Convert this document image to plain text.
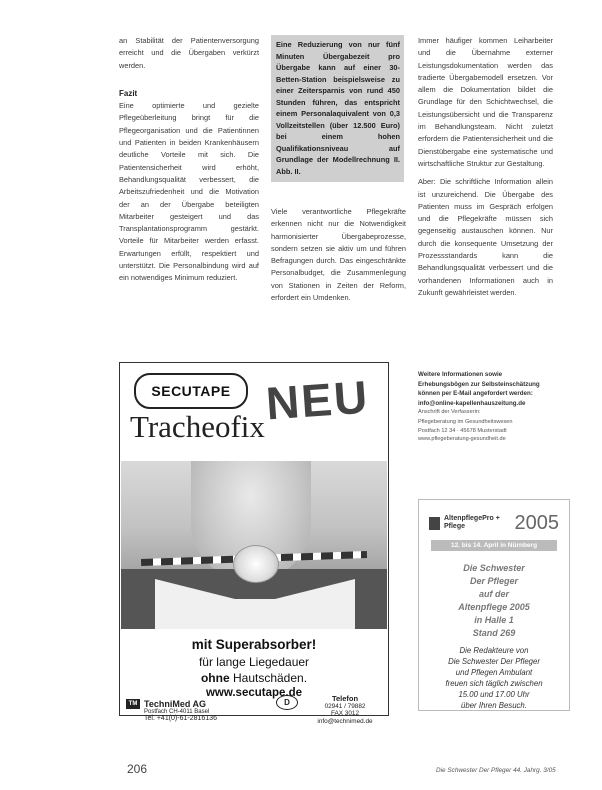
an Stabilität der Patientenversorgung erreicht und die Übergaben verkürzt werden.

Fazit

Eine optimierte und gezielte Pflegeüberleitung bringt für die Pflegeorganisation und die Patientinnen und Patienten in beiden Krankenhäusern deutliche Vorteile mit sich. Die Patientensicherheit wird erhöht, Behandlungsqualität verbessert, die Arbeitszufriedenheit und die Motivation der an der Übergabe beteiligten Mitarbeiter gesteigert und das Transplantationsprogramm gestärkt. Vorteile für Mitarbeiter werden erfasst. Erwartungen erfüllt, respektiert und unterstützt. Die Personalbindung wird auf ein notwendiges Minimum reduziert.

Eine Reduzierung von nur fünf Minuten Übergabezeit pro Übergabe kann auf einer 30-Betten-Station beispielsweise zu einer Zeitersparnis von rund 450 Stunden führen, das entspricht einem Personalaquivalent von 0,3 Vollzeitstellen (über 12.500 Euro) bei einem hohen Qualifikationsniveau auf Grundlage der Modellrechnung II. Abb. II.

Viele verantwortliche Pflegekräfte erkennen nicht nur die Notwendigkeit harmonisierter Übergabeprozesse, sondern setzen sie aktiv um und führen Befragungen durch. Das eingeschränkte Personalbudget, die Zusammenlegung von Stationen in Zeiten der Reform, erfordert ein Umdenken.

Immer häufiger kommen Leiharbeiter und die Übernahme externer Leistungsdokumentation werden das tradierte Übergabemodell ersetzen. Vor allem die Dokumentation bildet die Grundlage für den Schichtwechsel, die Leistungsübersicht und die Transparenz im Behandlungsteam. Nicht zuletzt erfordern die Patientensicherheit und die Dienstübergabe eine systematische und wirtschaftliche Struktur zur Gestaltung.

Aber: Die schriftliche Information allein ist unzureichend. Die Übergabe des Patienten muss im Gespräch erfolgen und die Pflegekräfte müssen sich gegenseitig austauschen können. Nur durch die konsequente Umsetzung der Prozessstandards kann die Behandlungsqualität verbessert und die vorhandenen Informationen auch in Zukunft gewährleistet werden.

Weitere Informationen sowie Erhebungsbögen zur Selbsteinschätzung können per E-Mail angefordert werden: info@online-kapellenhauszeitung.de

Anschrift der Verfasserin:

Pflegeberatung im Gesundheitswesen

Postfach 12 34 · 45678 Musterstadt

www.pflegeberatung-gesundheit.de

SECUTAPE
Tracheofix NEU
mit Superabsorber!
für lange Liegedauer
ohne Hautschäden.
www.secutape.de
TM TechniMed AG
Postfach CH-4011 Basel
Tel. +41(0)-61-2816136
D	Telefon
02941 / 79882
FAX 3012
info@technimed.de
AltenpflegePro + Pflege	2005
12. bis 14. April in Nürnberg
Die Schwester
Der Pfleger
auf der
Altenpflege 2005
in Halle 1
Stand 269
Die Redakteure von
Die Schwester Der Pfleger
und Pflegen Ambulant
freuen sich täglich zwischen
15.00 und 17.00 Uhr
über Ihren Besuch.
206	Die Schwester Der Pfleger 44. Jahrg. 3/05
